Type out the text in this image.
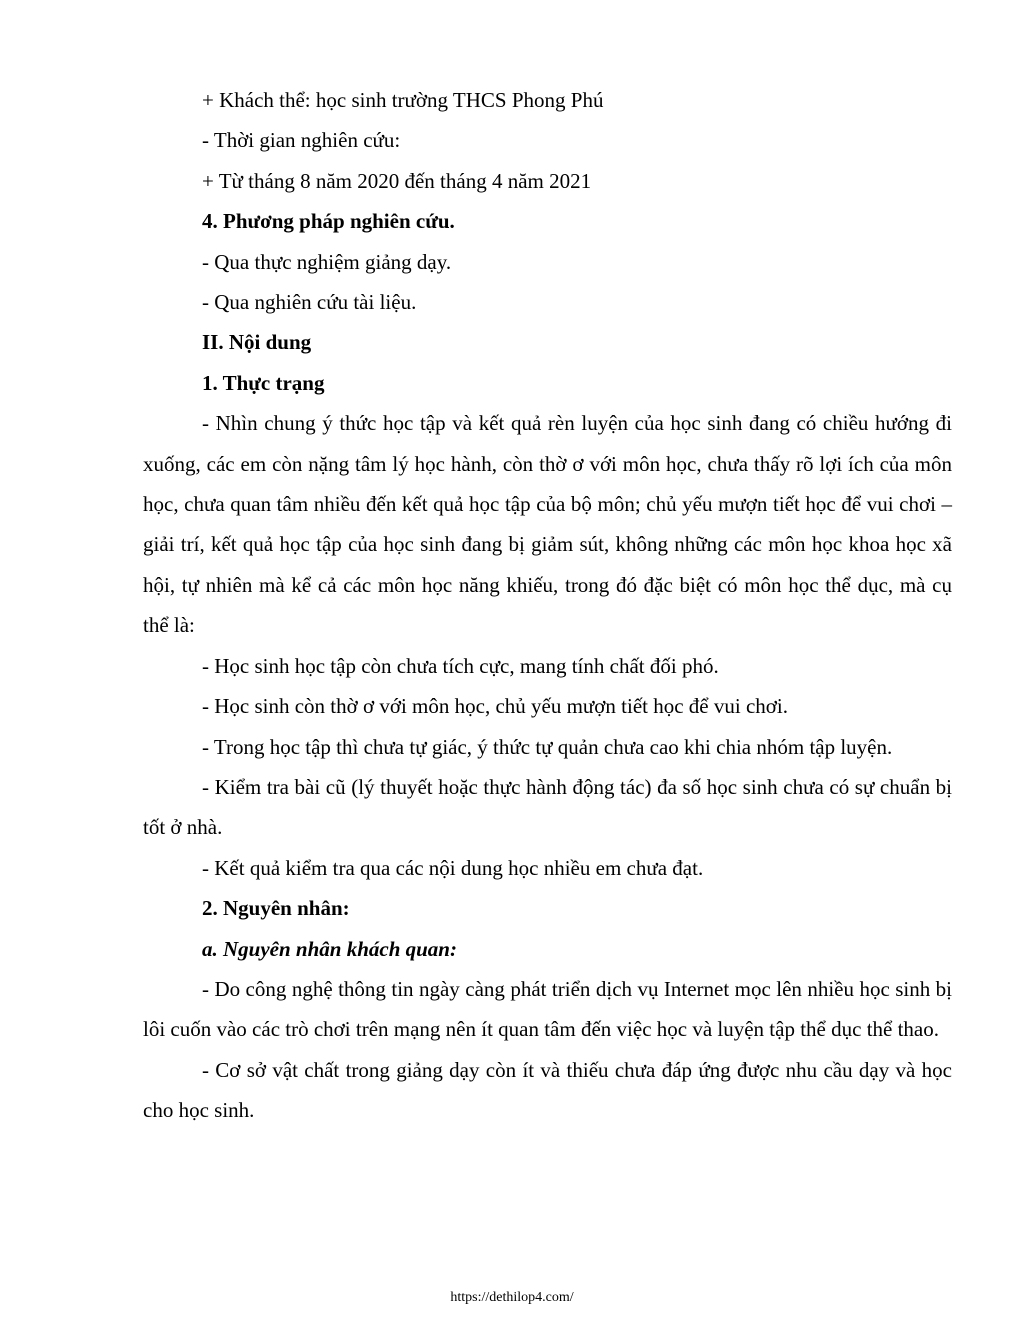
+ Khách thể: học sinh trường THCS Phong Phú
- Thời gian nghiên cứu:
+ Từ tháng 8 năm 2020 đến tháng 4 năm 2021
4. Phương pháp nghiên cứu.
- Qua thực nghiệm giảng dạy.
- Qua nghiên cứu tài liệu.
II. Nội dung
1. Thực trạng

- Nhìn chung ý thức học tập và kết quả rèn luyện của học sinh đang có chiều hướng đi xuống, các em còn nặng tâm lý học hành, còn thờ ơ với môn học, chưa thấy rõ lợi ích của môn học, chưa quan tâm nhiều đến kết quả học tập của bộ môn; chủ yếu mượn tiết học để vui chơi – giải trí, kết quả học tập của học sinh đang bị giảm sút, không những các môn học khoa học xã hội, tự nhiên mà kể cả các môn học năng khiếu, trong đó đặc biệt có môn học thể dục, mà cụ thể là:

- Học sinh học tập còn chưa tích cực, mang tính chất đối phó.
- Học sinh còn thờ ơ với môn học, chủ yếu mượn tiết học để vui chơi.

- Trong học tập thì chưa tự giác, ý thức tự quản chưa cao khi chia nhóm tập luyện.

- Kiểm tra bài cũ (lý thuyết hoặc thực hành động tác) đa số học sinh chưa có sự chuẩn bị tốt ở nhà.

- Kết quả kiểm tra qua các nội dung học nhiều em chưa đạt.
2. Nguyên nhân:
a. Nguyên nhân khách quan:

- Do công nghệ thông tin ngày càng phát triển dịch vụ Internet mọc lên nhiều học sinh bị lôi cuốn vào các trò chơi trên mạng nên ít quan tâm đến việc học và luyện tập thể dục thể thao.

- Cơ sở vật chất trong giảng dạy còn ít và thiếu chưa đáp ứng được nhu cầu dạy và học cho học sinh.

https://dethilop4.com/
